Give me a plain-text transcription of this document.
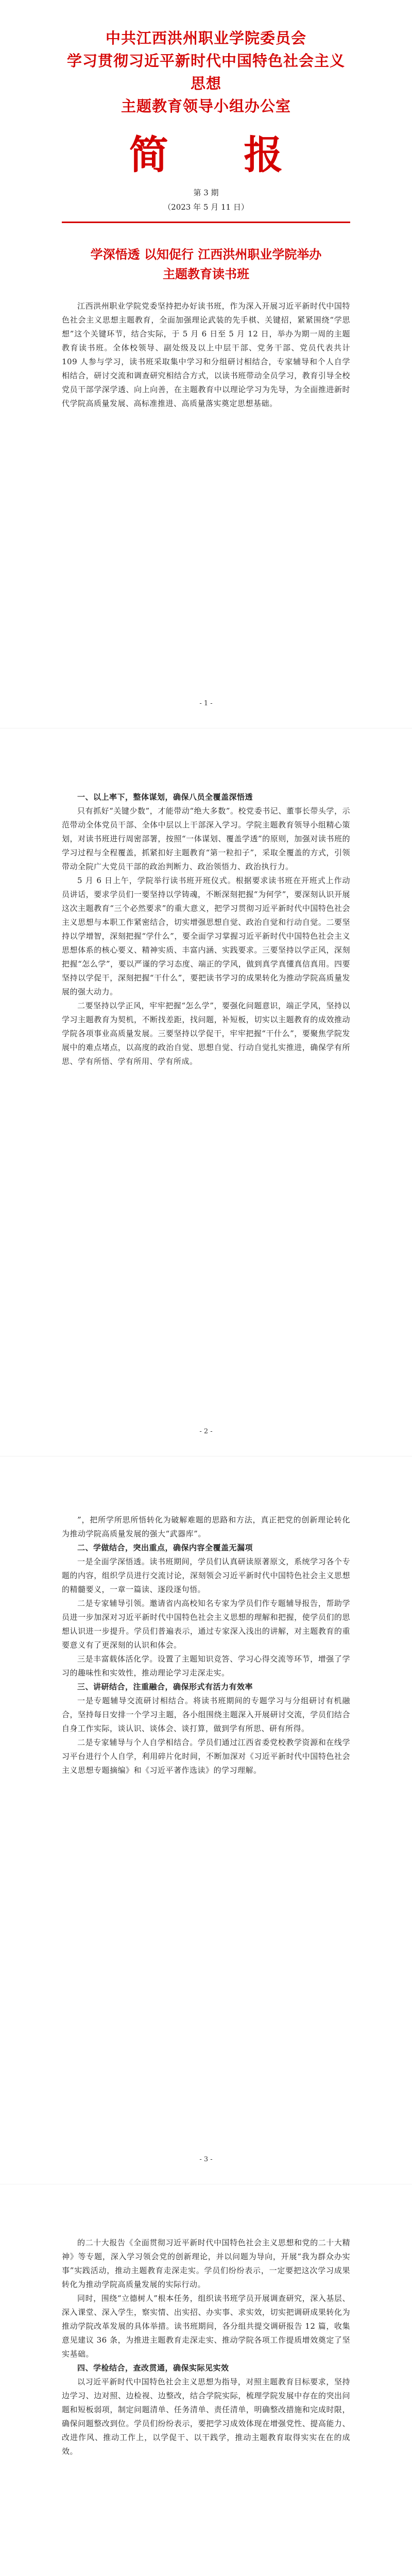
中共江西洪州职业学院委员会
学习贯彻习近平新时代中国特色社会主义思想
主题教育领导小组办公室
简 报
第 3 期
（2023 年 5 月 11 日）
学深悟透 以知促行 江西洪州职业学院举办
主题教育读书班

江西洪州职业学院党委坚持把办好读书班，作为深入开展习近平新时代中国特色社会主义思想主题教育，全面加强理论武装的先手棋、关键招，紧紧围绕“学思想”这个关键环节，结合实际，于 5 月 6 日至 5 月 12 日，举办为期一周的主题教育读书班。全体校领导、副处级及以上中层干部、党务干部、党员代表共计 109 人参与学习，读书班采取集中学习和分组研讨相结合，专家辅导和个人自学相结合，研讨交流和调查研究相结合方式，以读书班带动全员学习，教育引导全校党员干部学深学透、向上向善，在主题教育中以理论学习为先导，为全面推进新时代学院高质量发展、高标准推进、高质量落实奠定思想基础。

- 1 -

一、以上率下，整体谋划，确保八员全覆盖深悟透

只有抓好“关键少数”，才能带动“绝大多数”。校党委书记、董事长带头学，示范带动全体党员干部、全体中层以上干部深入学习。学院主题教育领导小组精心策划，对读书班进行周密部署，按照“一体谋划、覆盖学透”的原则，加强对读书班的学习过程与全程覆盖，抓紧扣好主题教育“第一粒扣子”，采取全覆盖的方式，引领带动全院广大党员干部的政治判断力、政治领悟力、政治执行力。

5 月 6 日上午，学院举行读书班开班仪式。根据要求读书班在开班式上作动员讲话，要求学员们一要坚持以学铸魂，不断深刻把握“为何学”，要深刻认识开展这次主题教育“三个必然要求”的重大意义，把学习贯彻习近平新时代中国特色社会主义思想与本职工作紧密结合，切实增强思想自觉、政治自觉和行动自觉。二要坚持以学增智，深刻把握“学什么”，要全面学习掌握习近平新时代中国特色社会主义思想体系的核心要义、精神实质、丰富内涵、实践要求。三要坚持以学正风，深刻把握“怎么学”，要以严谨的学习态度、端正的学风，做到真学真懂真信真用。四要坚持以学促干，深刻把握“干什么”，要把读书学习的成果转化为推动学院高质量发展的强大动力。

二要坚持以学正风，牢牢把握“怎么学”，要强化问题意识，端正学风，坚持以学习主题教育为契机，不断找差距，找问题，补短板，切实以主题教育的成效推动学院各项事业高质量发展。三要坚持以学促干，牢牢把握“干什么”，要聚焦学院发展中的难点堵点，以高度的政治自觉、思想自觉、行动自觉扎实推进，确保学有所思、学有所悟、学有所用、学有所成。

- 2 -

”，把所学所思所悟转化为破解难题的思路和方法，真正把党的创新理论转化为推动学院高质量发展的强大“武器库”。

二、学做结合，突出重点，确保内容全覆盖无漏项

一是全面学深悟透。读书班期间，学员们认真研读原著原文，系统学习各个专题的内容，组织学员进行交流讨论，深刻领会习近平新时代中国特色社会主义思想的精髓要义，一章一篇读、逐段逐句悟。

二是专家辅导引领。邀请省内高校知名专家为学员们作专题辅导报告，帮助学员进一步加深对习近平新时代中国特色社会主义思想的理解和把握，使学员们的思想认识进一步提升。学员们普遍表示，通过专家深入浅出的讲解，对主题教育的重要意义有了更深刻的认识和体会。

三是丰富载体活化学。设置了主题知识竞答、学习心得交流等环节，增强了学习的趣味性和实效性，推动理论学习走深走实。

三、讲研结合，注重融合，确保形式有活力有效率

一是专题辅导交流研讨相结合。将读书班期间的专题学习与分组研讨有机融合，坚持每日安排一个学习主题，各小组围绕主题深入开展研讨交流，学员们结合自身工作实际，谈认识、谈体会、谈打算，做到学有所思、研有所得。

二是专家辅导与个人自学相结合。学员们通过江西省委党校教学资源和在线学习平台进行个人自学，利用碎片化时间，不断加深对《习近平新时代中国特色社会主义思想专题摘编》和《习近平著作选读》的学习理解。

- 3 -

的二十大报告《全面贯彻习近平新时代中国特色社会主义思想和党的二十大精神》等专题，深入学习领会党的创新理论，并以问题为导向，开展“我为群众办实事”实践活动，推动主题教育走深走实。学员们纷纷表示，一定要把这次学习成果转化为推动学院高质量发展的实际行动。

同时，围绕“立德树人”根本任务，组织读书班学员开展调查研究，深入基层、深入课堂、深入学生，察实情、出实招、办实事、求实效，切实把调研成果转化为推动学院改革发展的具体举措。读书班期间，各分组共提交调研报告 12 篇，收集意见建议 36 条，为推进主题教育走深走实、推动学院各项工作提质增效奠定了坚实基础。

四、学检结合，查改贯通，确保实际见实效

以习近平新时代中国特色社会主义思想为指导，对照主题教育目标要求，坚持边学习、边对照、边检视、边整改，结合学院实际，梳理学院发展中存在的突出问题和短板弱项，制定问题清单、任务清单、责任清单，明确整改措施和完成时限，确保问题整改到位。学员们纷纷表示，要把学习成效体现在增强党性、提高能力、改进作风、推动工作上，以学促干、以干践学，推动主题教育取得实实在在的成效。
